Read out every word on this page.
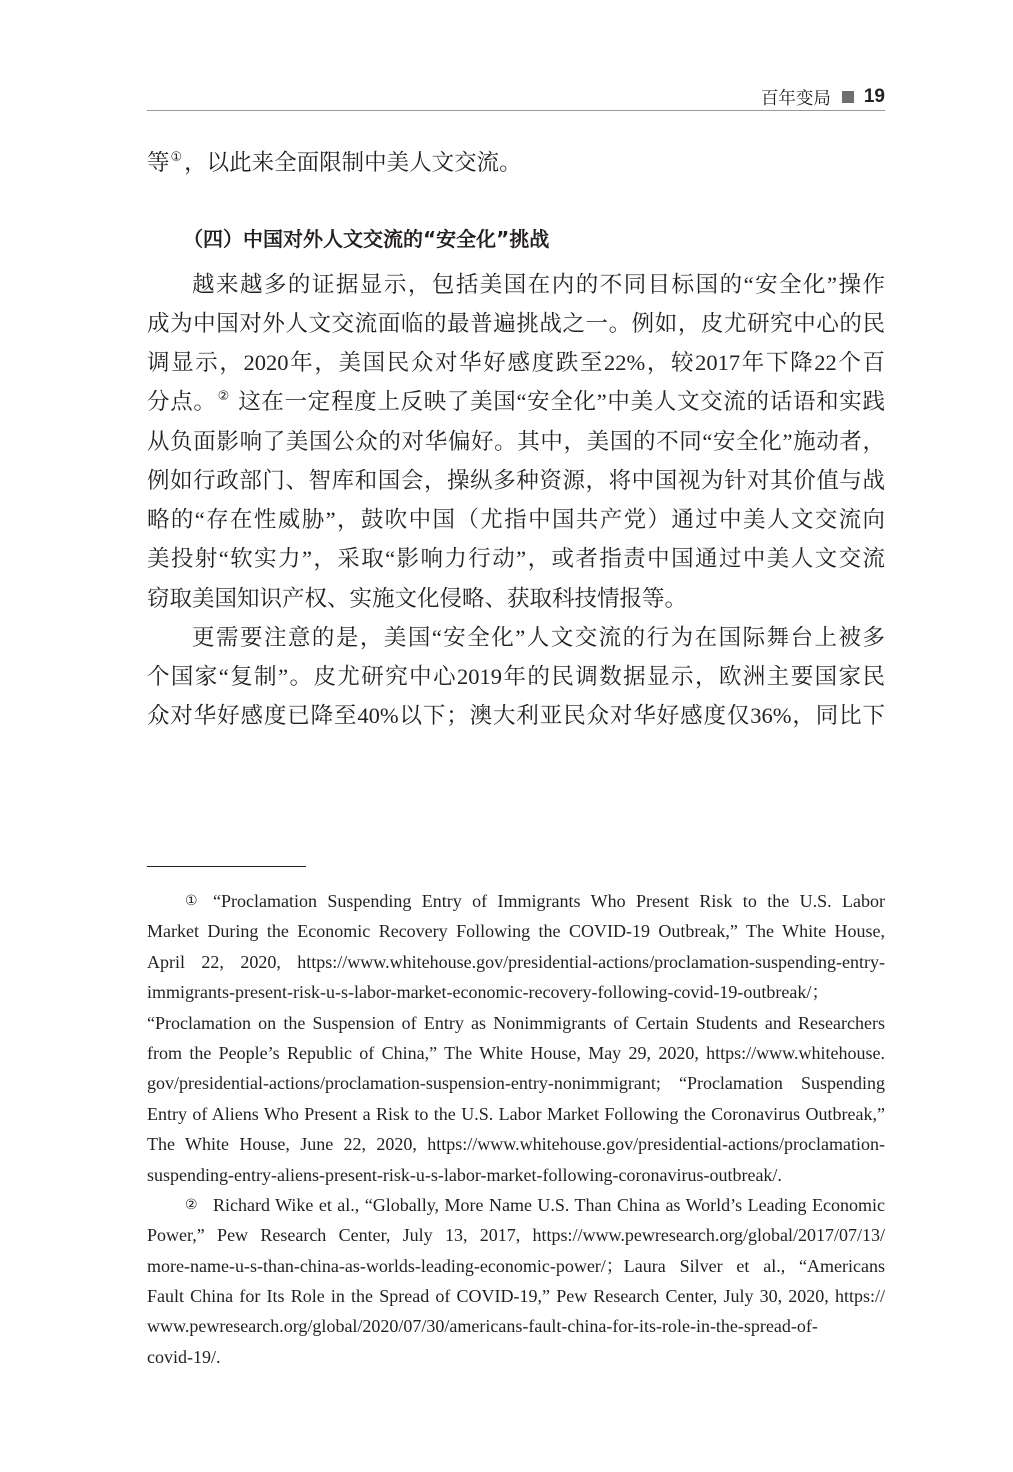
百年变局 19
等①，以此来全面限制中美人文交流。
（四）中国对外人文交流的“安全化”挑战
越来越多的证据显示，包括美国在内的不同目标国的“安全化”操作
成为中国对外人文交流面临的最普遍挑战之一。例如，皮尤研究中心的民
调显示，2020年，美国民众对华好感度跌至22%，较2017年下降22个百
分点。② 这在一定程度上反映了美国“安全化”中美人文交流的话语和实践
从负面影响了美国公众的对华偏好。其中，美国的不同“安全化”施动者，
例如行政部门、智库和国会，操纵多种资源，将中国视为针对其价值与战
略的“存在性威胁”，鼓吹中国（尤指中国共产党）通过中美人文交流向
美投射“软实力”，采取“影响力行动”，或者指责中国通过中美人文交流
窃取美国知识产权、实施文化侵略、获取科技情报等。
更需要注意的是，美国“安全化”人文交流的行为在国际舞台上被多
个国家“复制”。皮尤研究中心2019年的民调数据显示，欧洲主要国家民
众对华好感度已降至40%以下；澳大利亚民众对华好感度仅36%，同比下
① “Proclamation Suspending Entry of Immigrants Who Present Risk to the U.S. Labor
Market During the Economic Recovery Following the COVID-19 Outbreak,” The White House,
April 22, 2020, https://www.whitehouse.gov/presidential-actions/proclamation-suspending-entry-
immigrants-present-risk-u-s-labor-market-economic-recovery-following-covid-19-outbreak/；
“Proclamation on the Suspension of Entry as Nonimmigrants of Certain Students and Researchers
from the People’s Republic of China,” The White House, May 29, 2020, https://www.whitehouse.
gov/presidential-actions/proclamation-suspension-entry-nonimmigrant; “Proclamation Suspending
Entry of Aliens Who Present a Risk to the U.S. Labor Market Following the Coronavirus Outbreak,”
The White House, June 22, 2020, https://www.whitehouse.gov/presidential-actions/proclamation-
suspending-entry-aliens-present-risk-u-s-labor-market-following-coronavirus-outbreak/.
② Richard Wike et al., “Globally, More Name U.S. Than China as World’s Leading Economic
Power,” Pew Research Center, July 13, 2017, https://www.pewresearch.org/global/2017/07/13/
more-name-u-s-than-china-as-worlds-leading-economic-power/；Laura Silver et al., “Americans
Fault China for Its Role in the Spread of COVID-19,” Pew Research Center, July 30, 2020, https://
www.pewresearch.org/global/2020/07/30/americans-fault-china-for-its-role-in-the-spread-of-
covid-19/.
